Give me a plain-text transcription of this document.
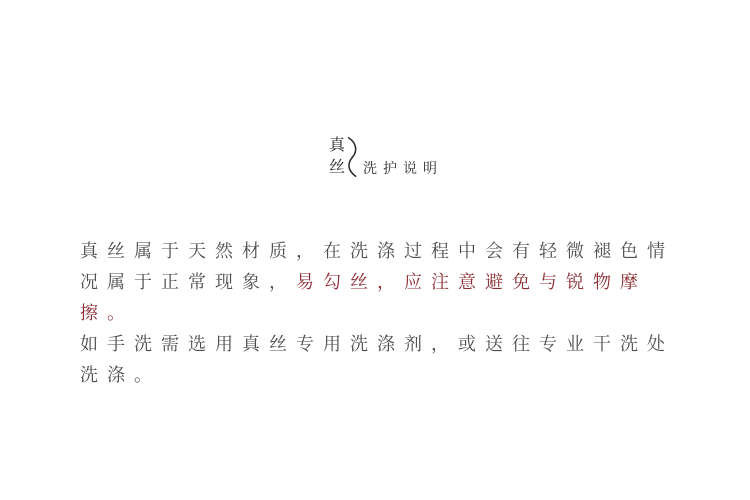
真
丝 洗护说明

真丝属于天然材质，在洗涤过程中会有轻微褪色情况属于正常现象，易勾丝，应注意避免与锐物摩擦。

如手洗需选用真丝专用洗涤剂，或送往专业干洗处洗涤。
